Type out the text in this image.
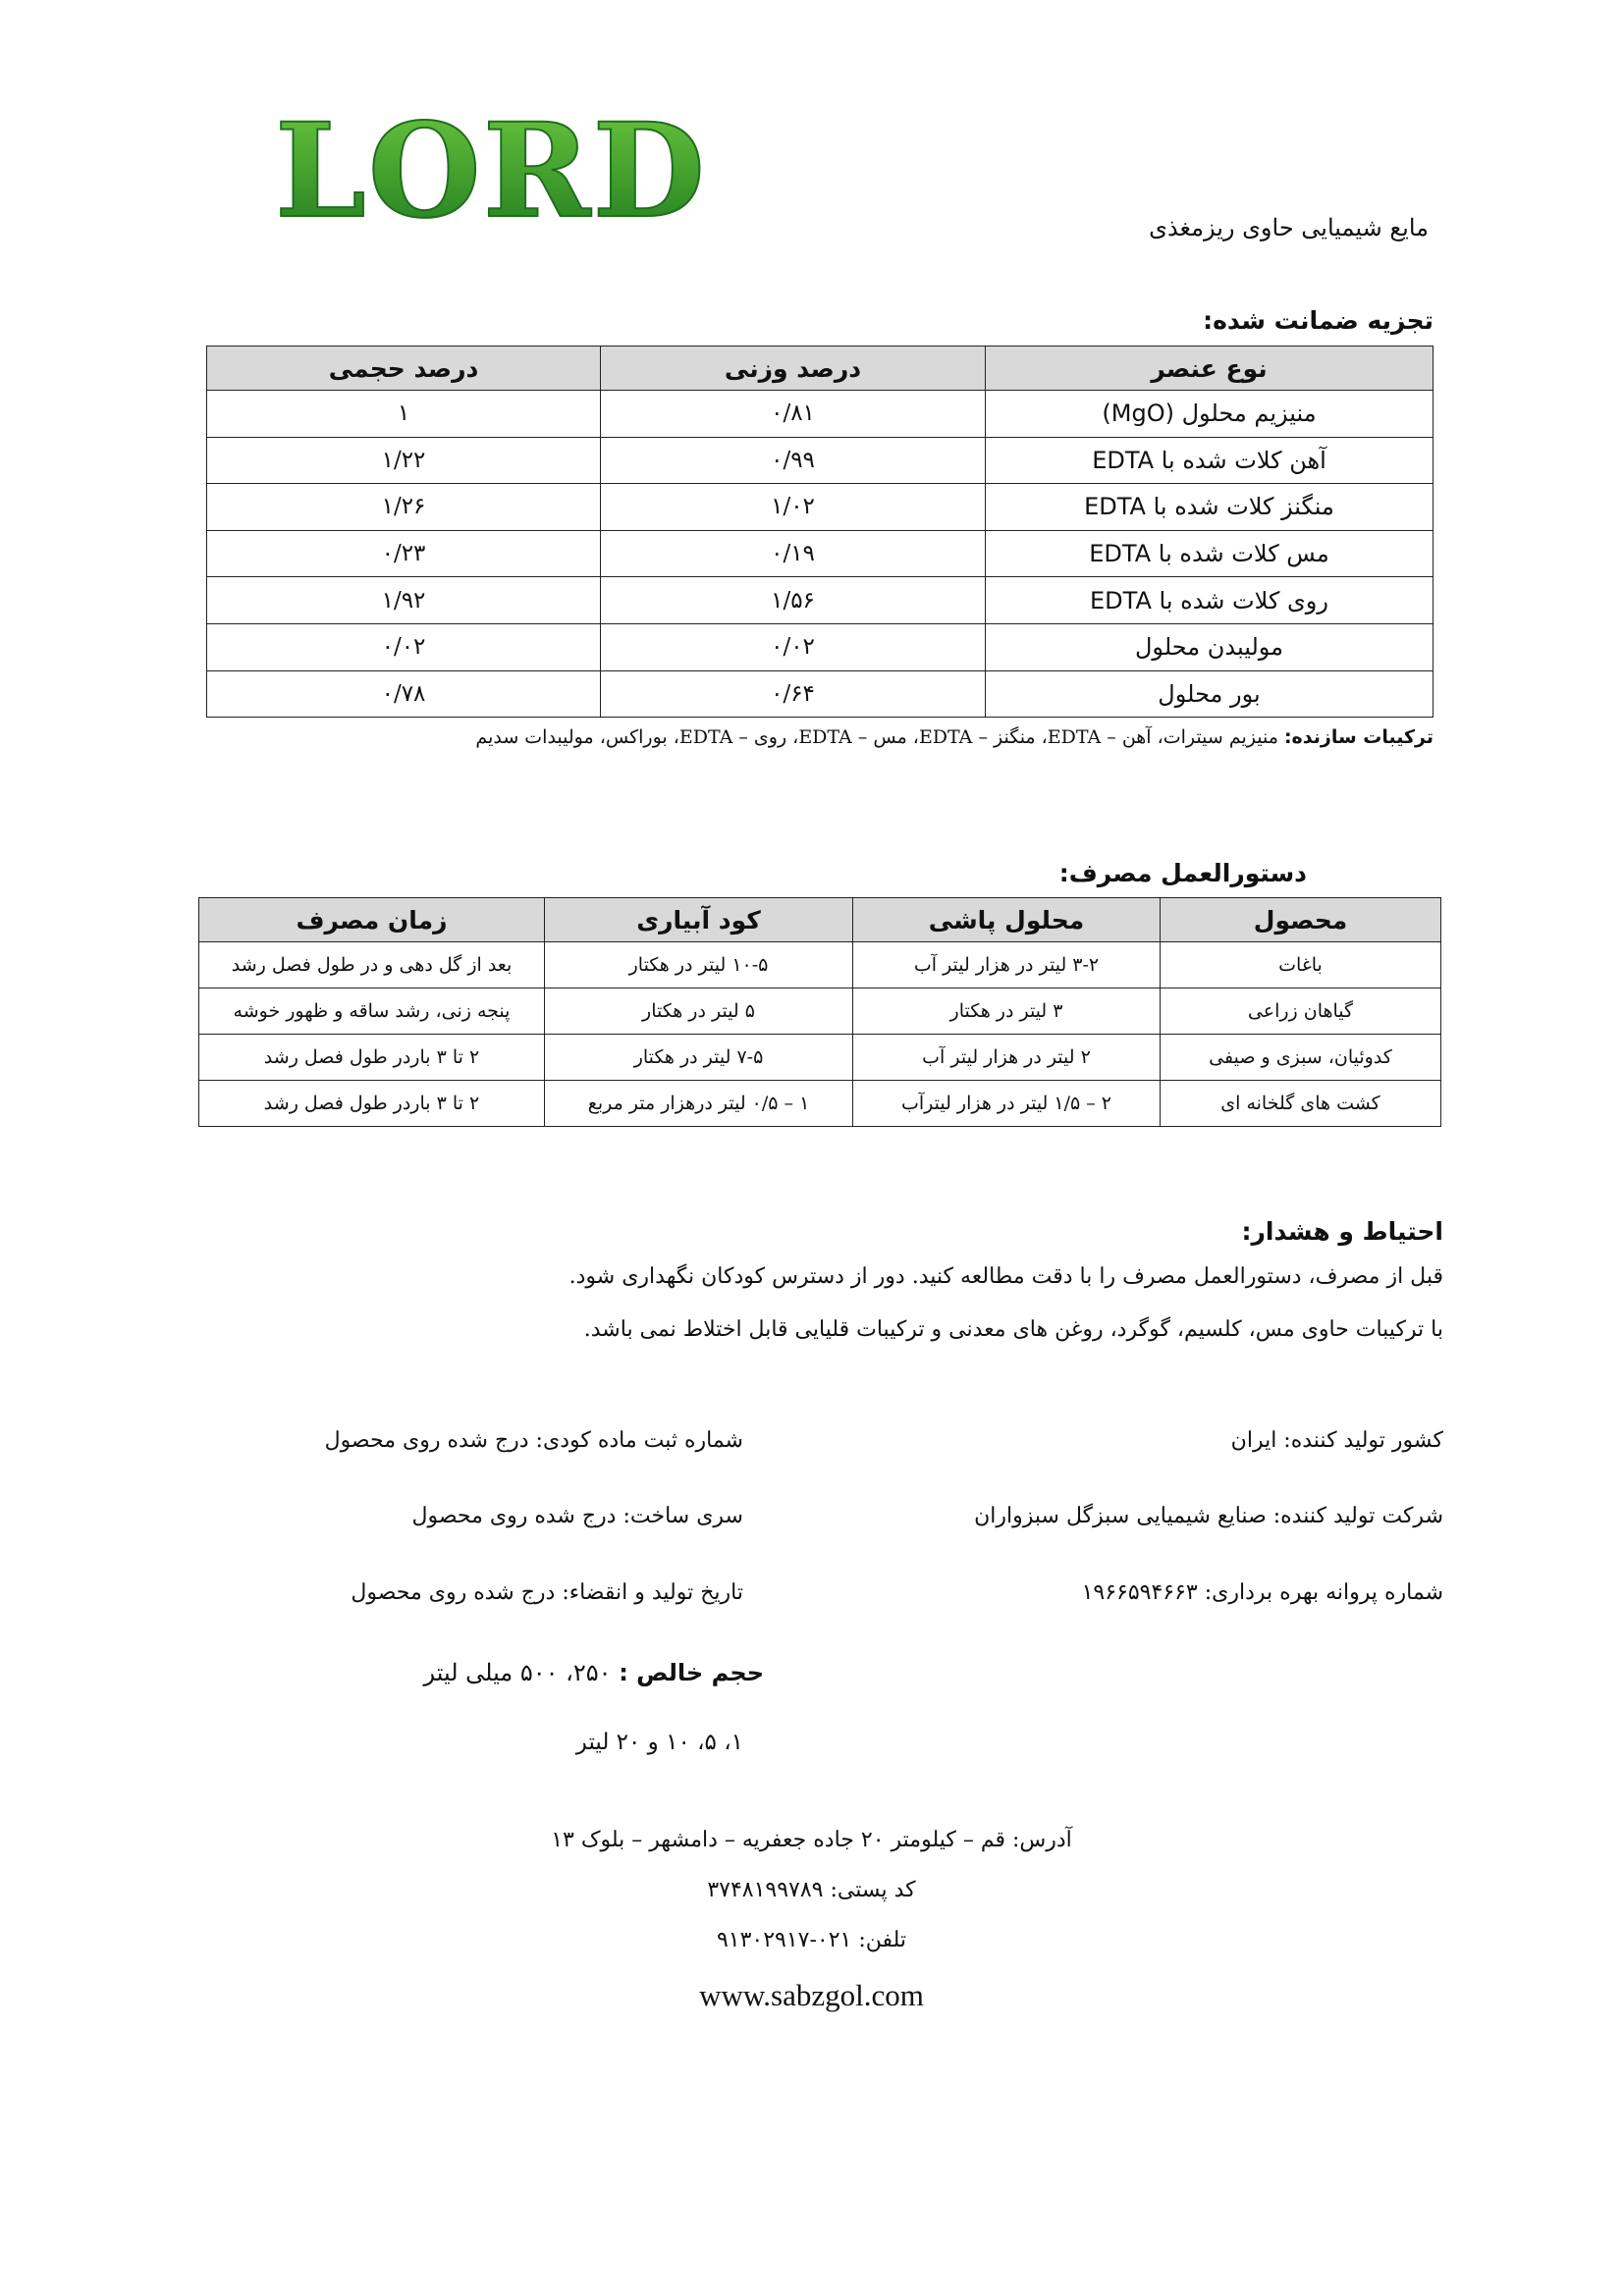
LORD	مایع شیمیایی حاوی ریزمغذی
تجزیه ضمانت شده:
نوع عنصر	درصد وزنی	درصد حجمی
منیزیم محلول (MgO)	۰/۸۱	۱
آهن کلات شده با EDTA	۰/۹۹	۱/۲۲
منگنز کلات شده با EDTA	۱/۰۲	۱/۲۶
مس کلات شده با EDTA	۰/۱۹	۰/۲۳
روی کلات شده با EDTA	۱/۵۶	۱/۹۲
مولیبدن محلول	۰/۰۲	۰/۰۲
بور محلول	۰/۶۴	۰/۷۸
ترکیبات سازنده: منیزیم سیترات، آهن – EDTA، منگنز – EDTA، مس – EDTA، روی – EDTA، بوراکس، مولیبدات سدیم
دستورالعمل مصرف:
محصول	محلول پاشی	کود آبیاری	زمان مصرف
باغات	۳-۲ لیتر در هزار لیتر آب	۱۰-۵ لیتر در هکتار	بعد از گل دهی و در طول فصل رشد
گیاهان زراعی	۳ لیتر در هکتار	۵ لیتر در هکتار	پنجه زنی، رشد ساقه و ظهور خوشه
کدوئیان، سبزی و صیفی	۲ لیتر در هزار لیتر آب	۷-۵ لیتر در هکتار	۲ تا ۳ باردر طول فصل رشد
کشت های گلخانه ای	۲ – ۱/۵ لیتر در هزار لیترآب	۱ – ۰/۵ لیتر درهزار متر مربع	۲ تا ۳ باردر طول فصل رشد
احتیاط و هشدار:
قبل از مصرف، دستورالعمل مصرف را با دقت مطالعه کنید. دور از دسترس کودکان نگهداری شود.
با ترکیبات حاوی مس، کلسیم، گوگرد، روغن های معدنی و ترکیبات قلیایی قابل اختلاط نمی باشد.
کشور تولید کننده: ایران
شرکت تولید کننده: صنایع شیمیایی سبزگل سبزواران
شماره پروانه بهره برداری: ۱۹۶۶۵۹۴۶۶۳
شماره ثبت ماده کودی: درج شده روی محصول
سری ساخت: درج شده روی محصول
تاریخ تولید و انقضاء: درج شده روی محصول
حجم خالص : ۲۵۰، ۵۰۰ میلی لیتر
۱، ۵، ۱۰ و ۲۰ لیتر
آدرس: قم – کیلومتر ۲۰ جاده جعفریه – دامشهر – بلوک ۱۳
کد پستی: ۳۷۴۸۱۹۹۷۸۹
تلفن: ۰۲۱-۹۱۳۰۲۹۱۷
www.sabzgol.com
